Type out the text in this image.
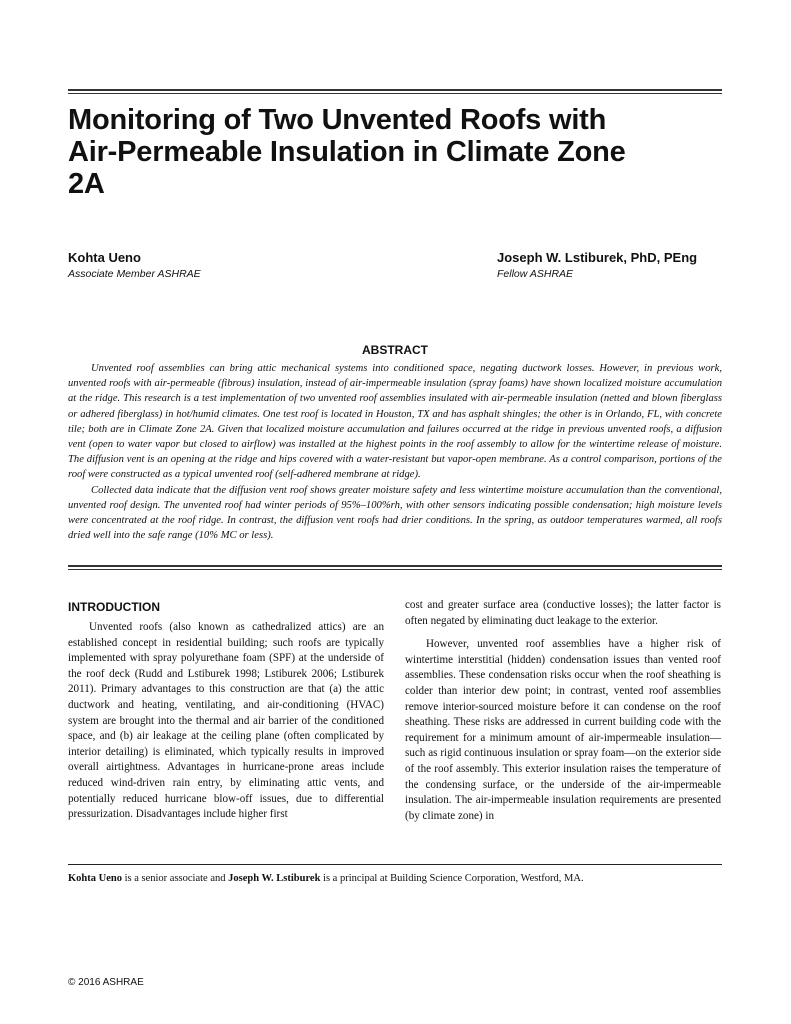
Monitoring of Two Unvented Roofs with Air-Permeable Insulation in Climate Zone 2A

Kohta Ueno

Associate Member ASHRAE

Joseph W. Lstiburek, PhD, PEng

Fellow ASHRAE

ABSTRACT

Unvented roof assemblies can bring attic mechanical systems into conditioned space, negating ductwork losses. However, in previous work, unvented roofs with air-permeable (fibrous) insulation, instead of air-impermeable insulation (spray foams) have shown localized moisture accumulation at the ridge. This research is a test implementation of two unvented roof assemblies insulated with air-permeable insulation (netted and blown fiberglass or adhered fiberglass) in hot/humid climates. One test roof is located in Houston, TX and has asphalt shingles; the other is in Orlando, FL, with concrete tile; both are in Climate Zone 2A. Given that localized moisture accumulation and failures occurred at the ridge in previous unvented roofs, a diffusion vent (open to water vapor but closed to airflow) was installed at the highest points in the roof assembly to allow for the wintertime release of moisture. The diffusion vent is an opening at the ridge and hips covered with a water-resistant but vapor-open membrane. As a control comparison, portions of the roof were constructed as a typical unvented roof (self-adhered membrane at ridge).

Collected data indicate that the diffusion vent roof shows greater moisture safety and less wintertime moisture accumulation than the conventional, unvented roof design. The unvented roof had winter periods of 95%–100%rh, with other sensors indicating possible condensation; high moisture levels were concentrated at the roof ridge. In contrast, the diffusion vent roofs had drier conditions. In the spring, as outdoor temperatures warmed, all roofs dried well into the safe range (10% MC or less).

INTRODUCTION

Unvented roofs (also known as cathedralized attics) are an established concept in residential building; such roofs are typically implemented with spray polyurethane foam (SPF) at the underside of the roof deck (Rudd and Lstiburek 1998; Lstiburek 2006; Lstiburek 2011). Primary advantages to this construction are that (a) the attic ductwork and heating, ventilating, and air-conditioning (HVAC) system are brought into the thermal and air barrier of the conditioned space, and (b) air leakage at the ceiling plane (often complicated by interior detailing) is eliminated, which typically results in improved overall airtightness. Advantages in hurricane-prone areas include reduced wind-driven rain entry, by eliminating attic vents, and potentially reduced hurricane blow-off issues, due to differential pressurization. Disadvantages include higher first

cost and greater surface area (conductive losses); the latter factor is often negated by eliminating duct leakage to the exterior.

However, unvented roof assemblies have a higher risk of wintertime interstitial (hidden) condensation issues than vented roof assemblies. These condensation risks occur when the roof sheathing is colder than interior dew point; in contrast, vented roof assemblies remove interior-sourced moisture before it can condense on the roof sheathing. These risks are addressed in current building code with the requirement for a minimum amount of air-impermeable insulation—such as rigid continuous insulation or spray foam—on the exterior side of the roof assembly. This exterior insulation raises the temperature of the condensing surface, or the underside of the air-impermeable insulation. The air-impermeable insulation requirements are presented (by climate zone) in

Kohta Ueno is a senior associate and Joseph W. Lstiburek is a principal at Building Science Corporation, Westford, MA.

© 2016 ASHRAE
